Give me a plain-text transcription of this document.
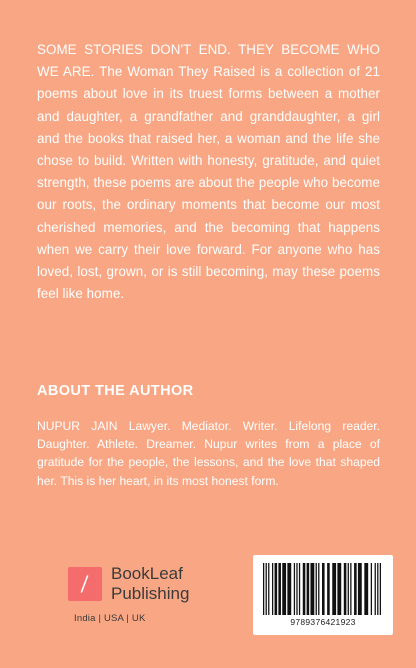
SOME STORIES DON'T END. THEY BECOME WHO WE ARE. The Woman They Raised is a collection of 21 poems about love in its truest forms between a mother and daughter, a grandfather and granddaughter, a girl and the books that raised her, a woman and the life she chose to build. Written with honesty, gratitude, and quiet strength, these poems are about the people who become our roots, the ordinary moments that become our most cherished memories, and the becoming that happens when we carry their love forward. For anyone who has loved, lost, grown, or is still becoming, may these poems feel like home.

ABOUT THE AUTHOR

NUPUR JAIN Lawyer. Mediator. Writer. Lifelong reader. Daughter. Athlete. Dreamer. Nupur writes from a place of gratitude for the people, the lessons, and the love that shaped her. This is her heart, in its most honest form.

BookLeaf
Publishing
India | USA | UK	9789376421923
